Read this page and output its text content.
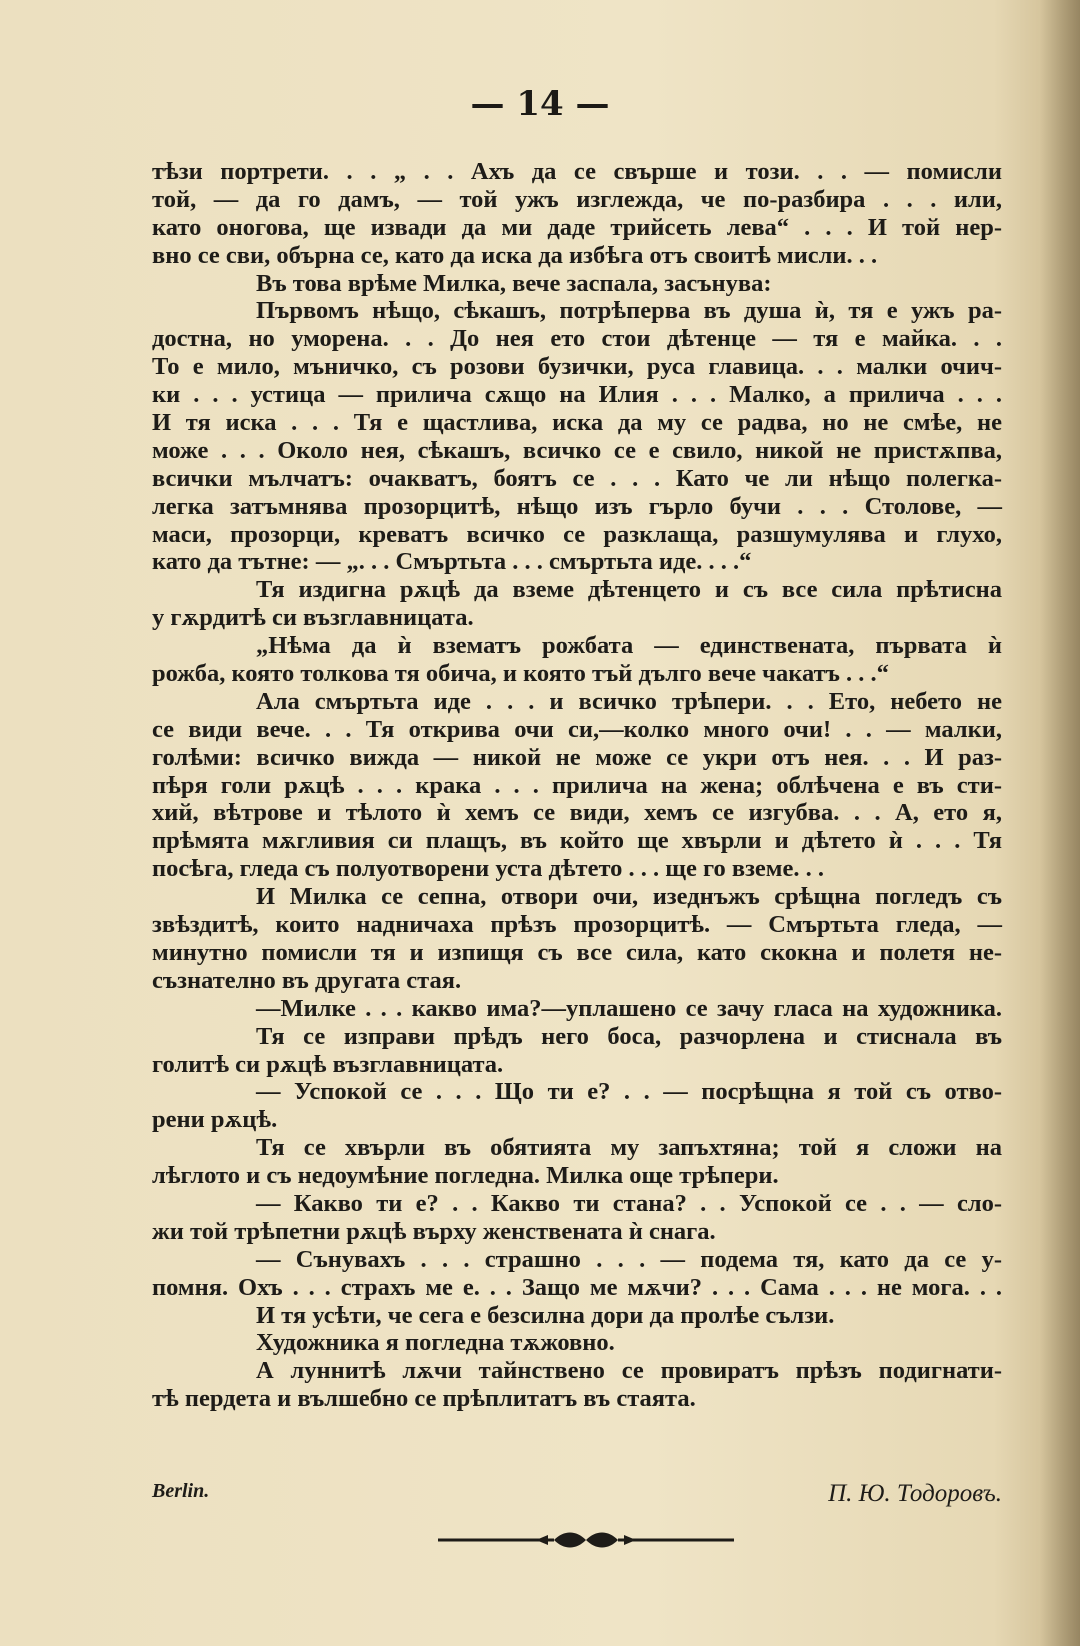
— 14 —
тѣзи портрети. . . „ . . Ахъ да се свърше и този. . . — помисли
той, — да го дамъ, — той ужъ изглежда, че по-разбира . . . или,
като оногова, ще извади да ми даде трийсеть лева“ . . . И той нер-
вно се сви, обърна се, като да иска да избѣга отъ своитѣ мисли. . .
Въ това врѣме Милка, вече заспала, засънува:
Първомъ нѣщо, сѣкашъ, потрѣперва въ душа ѝ, тя е ужъ ра-
достна, но уморена. . . До нея ето стои дѣтенце — тя е майка. . .
То е мило, мъничко, съ розови бузички, руса главица. . . малки очич-
ки . . . устица — прилича сѫщо на Илия . . . Малко, а прилича . . .
И тя иска . . . Тя е щастлива, иска да му се радва, но не смѣе, не
може . . . Около нея, сѣкашъ, всичко се е свило, никой не пристѫпва,
всички мълчатъ: очакватъ, боятъ се . . . Като че ли нѣщо полегка-
легка затъмнява прозорцитѣ, нѣщо изъ гърло бучи . . . Столове, —
маси, прозорци, креватъ всичко се разклаща, разшумулява и глухо,
като да тътне: — „. . . Смъртьта . . . смъртьта иде. . . .“
Тя издигна рѫцѣ да вземе дѣтенцето и съ все сила прѣтисна
у гѫрдитѣ си възглавницата.
„Нѣма да ѝ взематъ рожбата — единствената, първата ѝ
рожба, която толкова тя обича, и която тъй дълго вече чакатъ . . .“
Ала смъртьта иде . . . и всичко трѣпери. . . Ето, небето не
се види вече. . . Тя открива очи си,—колко много очи! . . — малки,
голѣми: всичко вижда — никой не може се укри отъ нея. . . И раз-
пѣря голи рѫцѣ . . . крака . . . прилича на жена; облѣчена е въ сти-
хий, вѣтрове и тѣлото ѝ хемъ се види, хемъ се изгубва. . . А, ето я,
прѣмята мѫгливия си плащъ, въ който ще хвърли и дѣтето ѝ . . . Тя
посѣга, гледа съ полуотворени уста дѣтето . . . ще го вземе. . .
И Милка се сепна, отвори очи, изеднъжъ срѣщна погледъ съ
звѣздитѣ, които надничаха прѣзъ прозорцитѣ. — Смъртьта гледа, —
минутно помисли тя и изпищя съ все сила, като скокна и полетя не-
съзнателно въ другата стая.
—Милке . . . какво има?—уплашено се зачу гласа на художника.
Тя се изправи прѣдъ него боса, разчорлена и стиснала въ
голитѣ си рѫцѣ възглавницата.
— Успокой се . . . Що ти е? . . — посрѣщна я той съ отво-
рени рѫцѣ.
Тя се хвърли въ обятията му запъхтяна; той я сложи на
лѣглото и съ недоумѣние погледна. Милка още трѣпери.
— Какво ти е? . . Какво ти стана? . . Успокой се . . — сло-
жи той трѣпетни рѫцѣ върху женствената ѝ снага.
— Сънувахъ . . . страшно . . . — подема тя, като да се у-
помня. Охъ . . . страхъ ме е. . . Защо ме мѫчи? . . . Сама . . . не мога. . .
И тя усѣти, че сега е безсилна дори да пролѣе сълзи.
Художника я погледна тѫжовно.
А луннитѣ лѫчи тайнствено се провиратъ прѣзъ подигнати-
тѣ пердета и вълшебно се прѣплитатъ въ стаята.
Berlin.	П. Ю. Тодоровъ.
